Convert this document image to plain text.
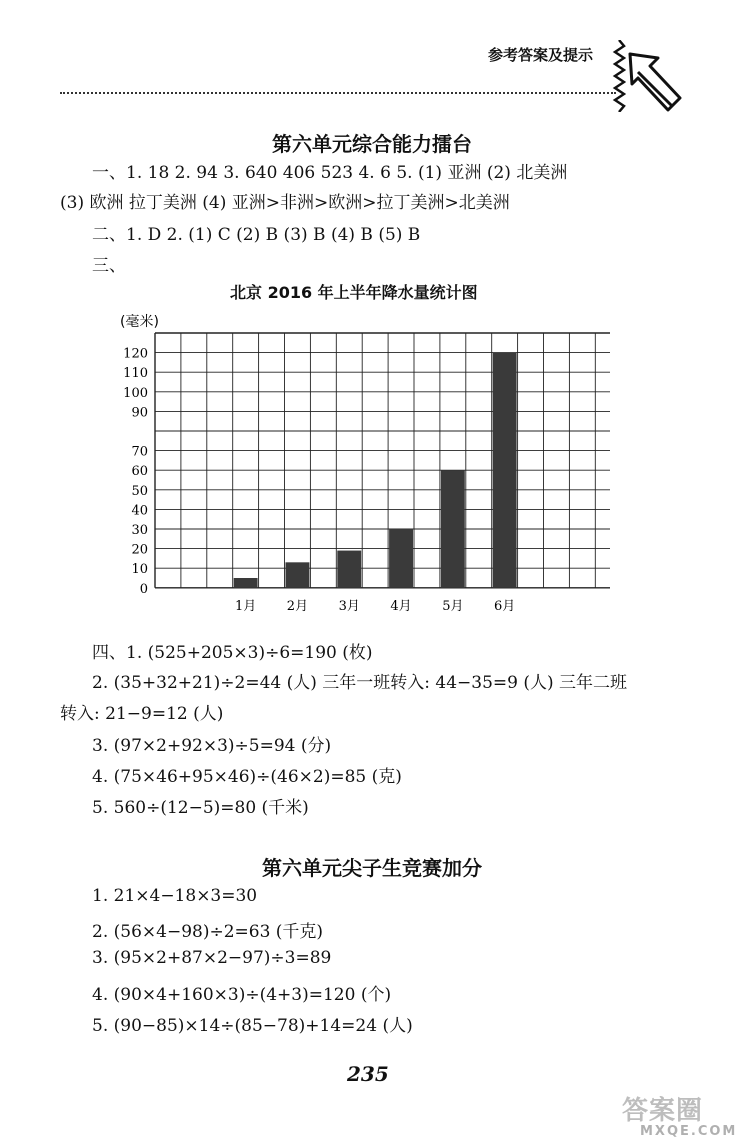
参考答案及提示
第六单元综合能力擂台
一、1. 18 2. 94 3. 640 406 523 4. 6 5. (1) 亚洲 (2) 北美洲
(3) 欧洲 拉丁美洲 (4) 亚洲>非洲>欧洲>拉丁美洲>北美洲
二、1. D 2. (1) C (2) B (3) B (4) B (5) B
三、
北京 2016 年上半年降水量统计图
(毫米)
0
10
20
30
40
50
60
70
90
100
110
120
1月 2月 3月 4月 5月 6月
四、1. (525+205×3)÷6=190 (枚)
2. (35+32+21)÷2=44 (人) 三年一班转入: 44−35=9 (人) 三年二班
转入: 21−9=12 (人)
3. (97×2+92×3)÷5=94 (分)
4. (75×46+95×46)÷(46×2)=85 (克)
5. 560÷(12−5)=80 (千米)
第六单元尖子生竞赛加分
1. 21×4−18×3=30
2. (56×4−98)÷2=63 (千克)
3. (95×2+87×2−97)÷3=89
4. (90×4+160×3)÷(4+3)=120 (个)
5. (90−85)×14÷(85−78)+14=24 (人)
235
答案圈
MXQE.COM
